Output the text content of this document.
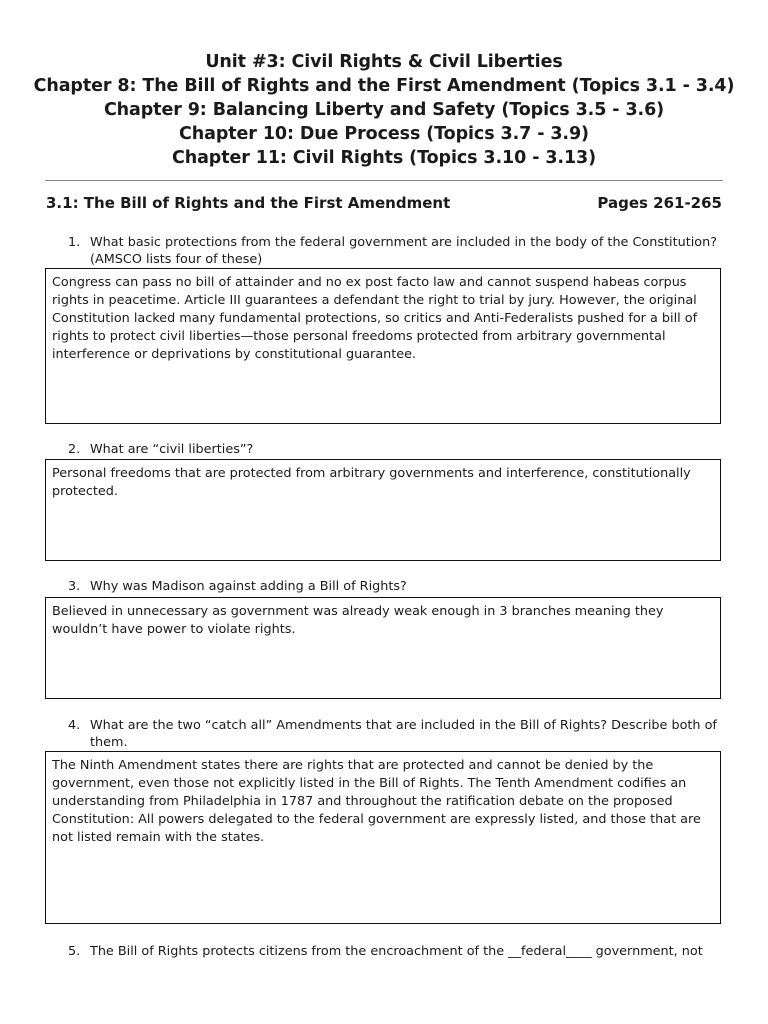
Unit #3: Civil Rights & Civil Liberties
Chapter 8: The Bill of Rights and the First Amendment (Topics 3.1 - 3.4)
Chapter 9: Balancing Liberty and Safety (Topics 3.5 - 3.6)
Chapter 10: Due Process (Topics 3.7 - 3.9)
Chapter 11: Civil Rights (Topics 3.10 - 3.13)
3.1: The Bill of Rights and the First Amendment	Pages 261-265
1. What basic protections from the federal government are included in the body of the Constitution? (AMSCO lists four of these)
Congress can pass no bill of attainder and no ex post facto law and cannot suspend habeas corpus rights in peacetime. Article III guarantees a defendant the right to trial by jury. However, the original Constitution lacked many fundamental protections, so critics and Anti-Federalists pushed for a bill of rights to protect civil liberties—those personal freedoms protected from arbitrary governmental interference or deprivations by constitutional guarantee.
2. What are “civil liberties”?
Personal freedoms that are protected from arbitrary governments and interference, constitutionally protected.
3. Why was Madison against adding a Bill of Rights?
Believed in unnecessary as government was already weak enough in 3 branches meaning they wouldn’t have power to violate rights.
4. What are the two “catch all” Amendments that are included in the Bill of Rights? Describe both of them.
The Ninth Amendment states there are rights that are protected and cannot be denied by the government, even those not explicitly listed in the Bill of Rights. The Tenth Amendment codifies an understanding from Philadelphia in 1787 and throughout the ratification debate on the proposed Constitution: All powers delegated to the federal government are expressly listed, and those that are not listed remain with the states.
5. The Bill of Rights protects citizens from the encroachment of the __federal____ government, not
